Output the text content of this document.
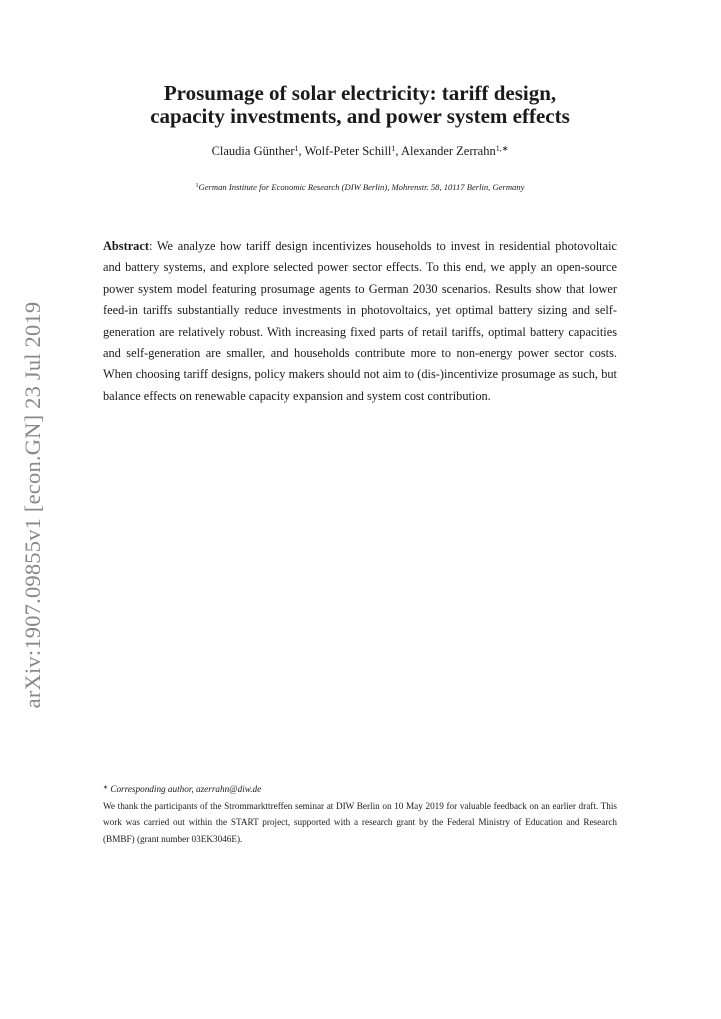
arXiv:1907.09855v1 [econ.GN] 23 Jul 2019
Prosumage of solar electricity: tariff design,
capacity investments, and power system effects
Claudia Günther$^1$, Wolf-Peter Schill$^1$, Alexander Zerrahn$^{1,∗}$
$^1$German Institute for Economic Research (DIW Berlin), Mohrenstr. 58, 10117 Berlin, Germany

Abstract: We analyze how tariff design incentivizes households to invest in residential photovoltaic and battery systems, and explore selected power sector effects. To this end, we apply an open-source power system model featuring prosumage agents to German 2030 scenarios. Results show that lower feed-in tariffs substantially reduce investments in photovoltaics, yet optimal battery sizing and self-generation are relatively robust. With increasing fixed parts of retail tariffs, optimal battery capacities and self-generation are smaller, and households contribute more to non-energy power sector costs. When choosing tariff designs, policy makers should not aim to (dis-)incentivize prosumage as such, but balance effects on renewable capacity expansion and system cost contribution.

∗ Corresponding author, azerrahn@diw.de

We thank the participants of the Strommarkttreffen seminar at DIW Berlin on 10 May 2019 for valuable feedback on an earlier draft. This work was carried out within the START project, supported with a research grant by the Federal Ministry of Education and Research (BMBF) (grant number 03EK3046E).
